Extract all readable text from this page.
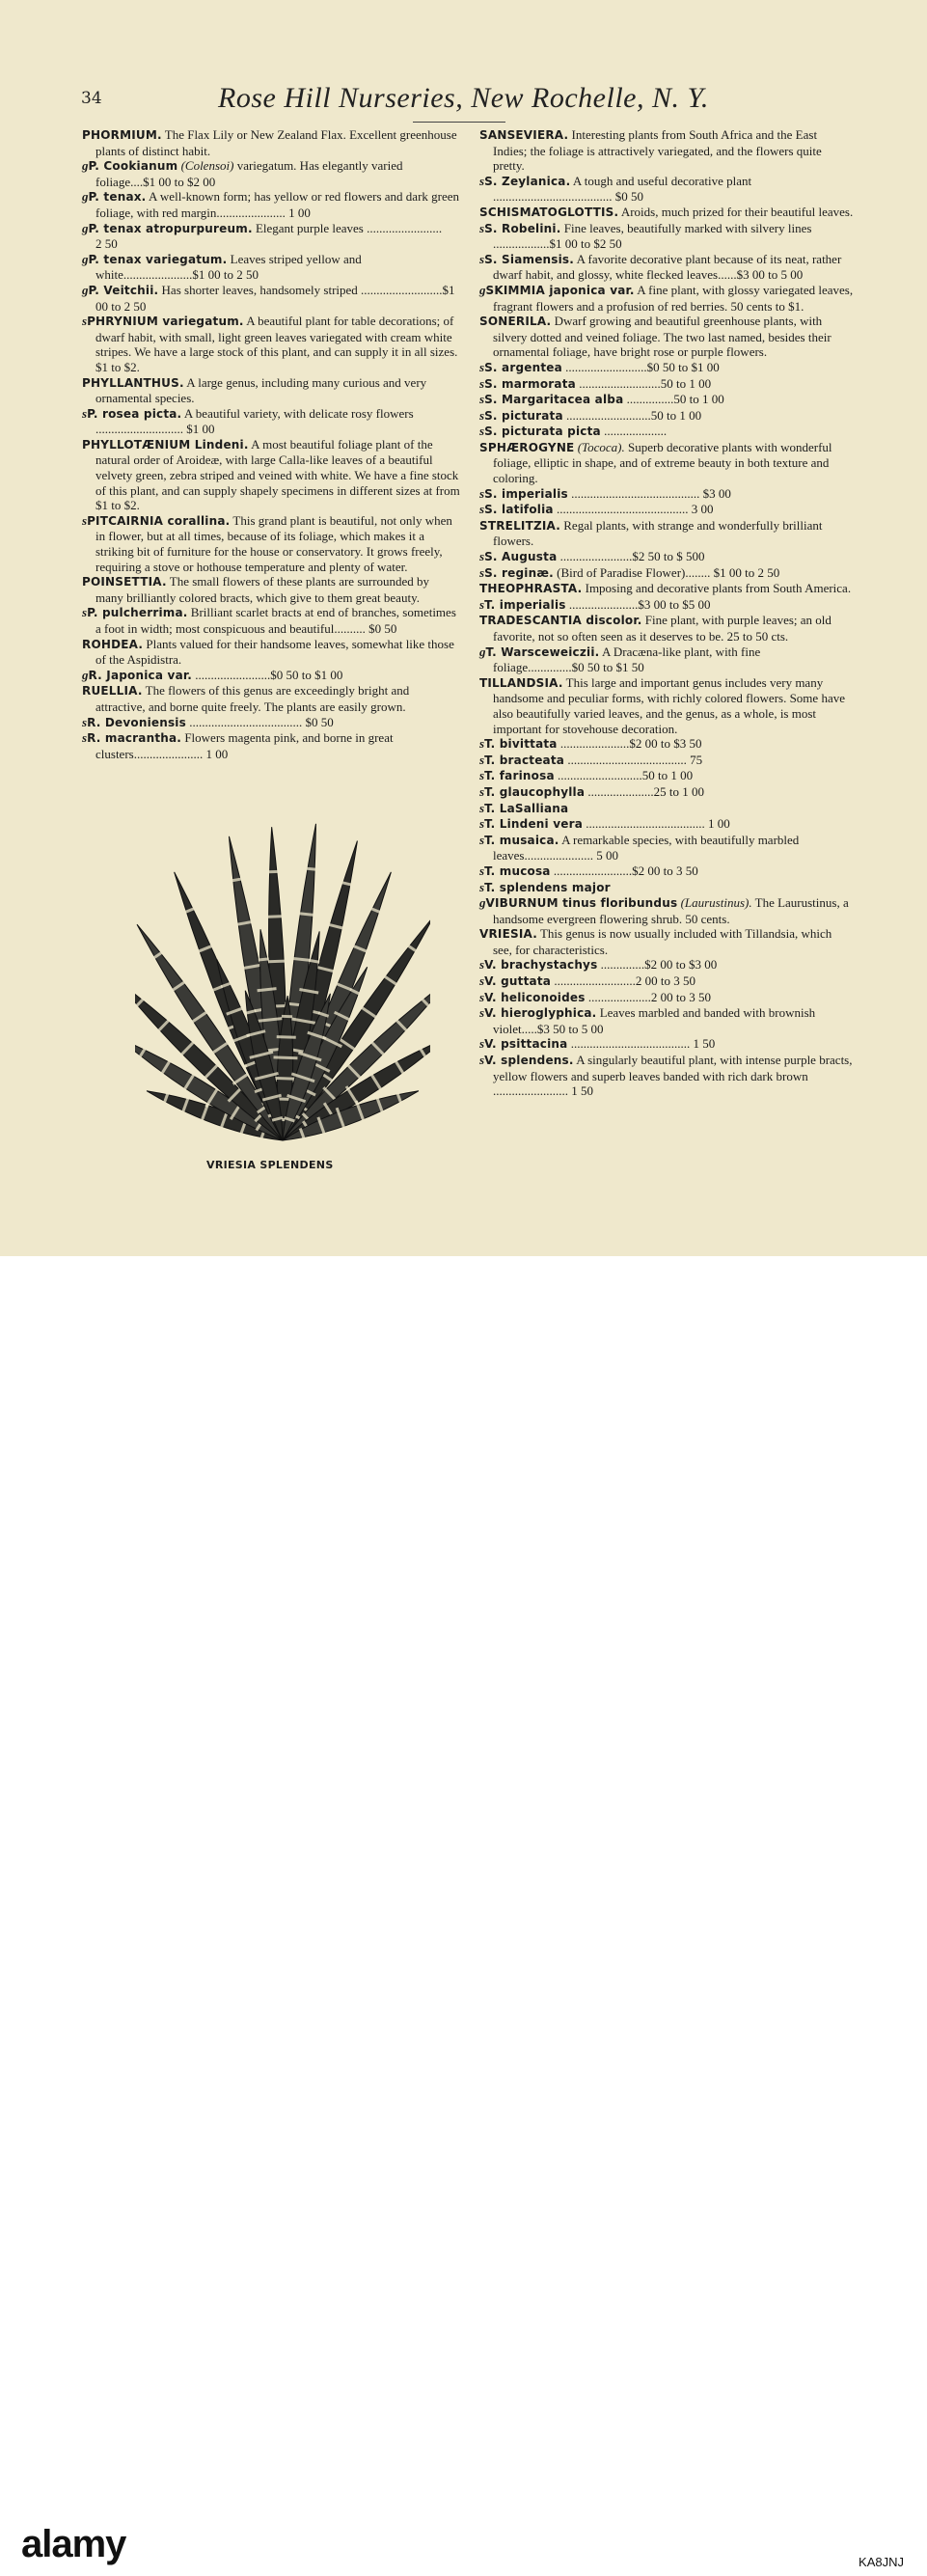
34	Rose Hill Nurseries, New Rochelle, N. Y.

PHORMIUM. The Flax Lily or New Zealand Flax. Excellent greenhouse plants of distinct habit.

gP. Cookianum (Colensoi) variegatum. Has elegantly varied foliage....$1 00 to $2 00

gP. tenax. A well-known form; has yellow or red flowers and dark green foliage, with red margin...................... 1 00

gP. tenax atropurpureum. Elegant purple leaves ........................ 2 50

gP. tenax variegatum. Leaves striped yellow and white......................$1 00 to 2 50

gP. Veitchii. Has shorter leaves, handsomely striped ..........................$1 00 to 2 50

sPHRYNIUM variegatum. A beautiful plant for table decorations; of dwarf habit, with small, light green leaves variegated with cream white stripes. We have a large stock of this plant, and can supply it in all sizes. $1 to $2.

PHYLLANTHUS. A large genus, including many curious and very ornamental species.

sP. rosea picta. A beautiful variety, with delicate rosy flowers ............................ $1 00

PHYLLOTÆNIUM Lindeni. A most beautiful foliage plant of the natural order of Aroideæ, with large Calla-like leaves of a beautiful velvety green, zebra striped and veined with white. We have a fine stock of this plant, and can supply shapely specimens in different sizes at from $1 to $2.

sPITCAIRNIA corallina. This grand plant is beautiful, not only when in flower, but at all times, because of its foliage, which makes it a striking bit of furniture for the house or conservatory. It grows freely, requiring a stove or hothouse temperature and plenty of water.

POINSETTIA. The small flowers of these plants are surrounded by many brilliantly colored bracts, which give to them great beauty.

sP. pulcherrima. Brilliant scarlet bracts at end of branches, sometimes a foot in width; most conspicuous and beautiful.......... $0 50

ROHDEA. Plants valued for their handsome leaves, somewhat like those of the Aspidistra.

gR. Japonica var. ........................$0 50 to $1 00

RUELLIA. The flowers of this genus are exceedingly bright and attractive, and borne quite freely. The plants are easily grown.

sR. Devoniensis .................................... $0 50

sR. macrantha. Flowers magenta pink, and borne in great clusters...................... 1 00

SANSEVIERA. Interesting plants from South Africa and the East Indies; the foliage is attractively variegated, and the flowers quite pretty.

sS. Zeylanica. A tough and useful decorative plant ...................................... $0 50

SCHISMATOGLOTTIS. Aroids, much prized for their beautiful leaves.

sS. Robelini. Fine leaves, beautifully marked with silvery lines ..................$1 00 to $2 50

sS. Siamensis. A favorite decorative plant because of its neat, rather dwarf habit, and glossy, white flecked leaves......$3 00 to 5 00

gSKIMMIA japonica var. A fine plant, with glossy variegated leaves, fragrant flowers and a profusion of red berries. 50 cents to $1.

SONERILA. Dwarf growing and beautiful greenhouse plants, with silvery dotted and veined foliage. The two last named, besides their ornamental foliage, have bright rose or purple flowers.

sS. argentea ..........................$0 50 to $1 00

sS. marmorata ..........................50 to 1 00

sS. Margaritacea alba ...............50 to 1 00

sS. picturata ...........................50 to 1 00

sS. picturata picta ....................

SPHÆROGYNE (Tococa). Superb decorative plants with wonderful foliage, elliptic in shape, and of extreme beauty in both texture and coloring.

sS. imperialis ......................................... $3 00

sS. latifolia .......................................... 3 00

STRELITZIA. Regal plants, with strange and wonderfully brilliant flowers.

sS. Augusta .......................$2 50 to $ 500

sS. reginæ. (Bird of Paradise Flower)........ $1 00 to 2 50

THEOPHRASTA. Imposing and decorative plants from South America.

sT. imperialis ......................$3 00 to $5 00

TRADESCANTIA discolor. Fine plant, with purple leaves; an old favorite, not so often seen as it deserves to be. 25 to 50 cts.

gT. Warsceweiczii. A Dracæna-like plant, with fine foliage..............$0 50 to $1 50

TILLANDSIA. This large and important genus includes very many handsome and peculiar forms, with richly colored flowers. Some have also beautifully varied leaves, and the genus, as a whole, is most important for stovehouse decoration.

sT. bivittata ......................$2 00 to $3 50

sT. bracteata ...................................... 75

sT. farinosa ...........................50 to 1 00

sT. glaucophylla .....................25 to 1 00

sT. LaSalliana

sT. Lindeni vera ...................................... 1 00

sT. musaica. A remarkable species, with beautifully marbled leaves...................... 5 00

sT. mucosa .........................$2 00 to 3 50

sT. splendens major

gVIBURNUM tinus floribundus (Laurustinus). The Laurustinus, a handsome evergreen flowering shrub. 50 cents.

VRIESIA. This genus is now usually included with Tillandsia, which see, for characteristics.

sV. brachystachys ..............$2 00 to $3 00

sV. guttata ..........................2 00 to 3 50

sV. heliconoides ....................2 00 to 3 50

sV. hieroglyphica. Leaves marbled and banded with brownish violet.....$3 50 to 5 00

sV. psittacina ...................................... 1 50

sV. splendens. A singularly beautiful plant, with intense purple bracts, yellow flowers and superb leaves banded with rich dark brown ........................ 1 50

VRIESIA SPLENDENS
alamy	KA8JNJ
